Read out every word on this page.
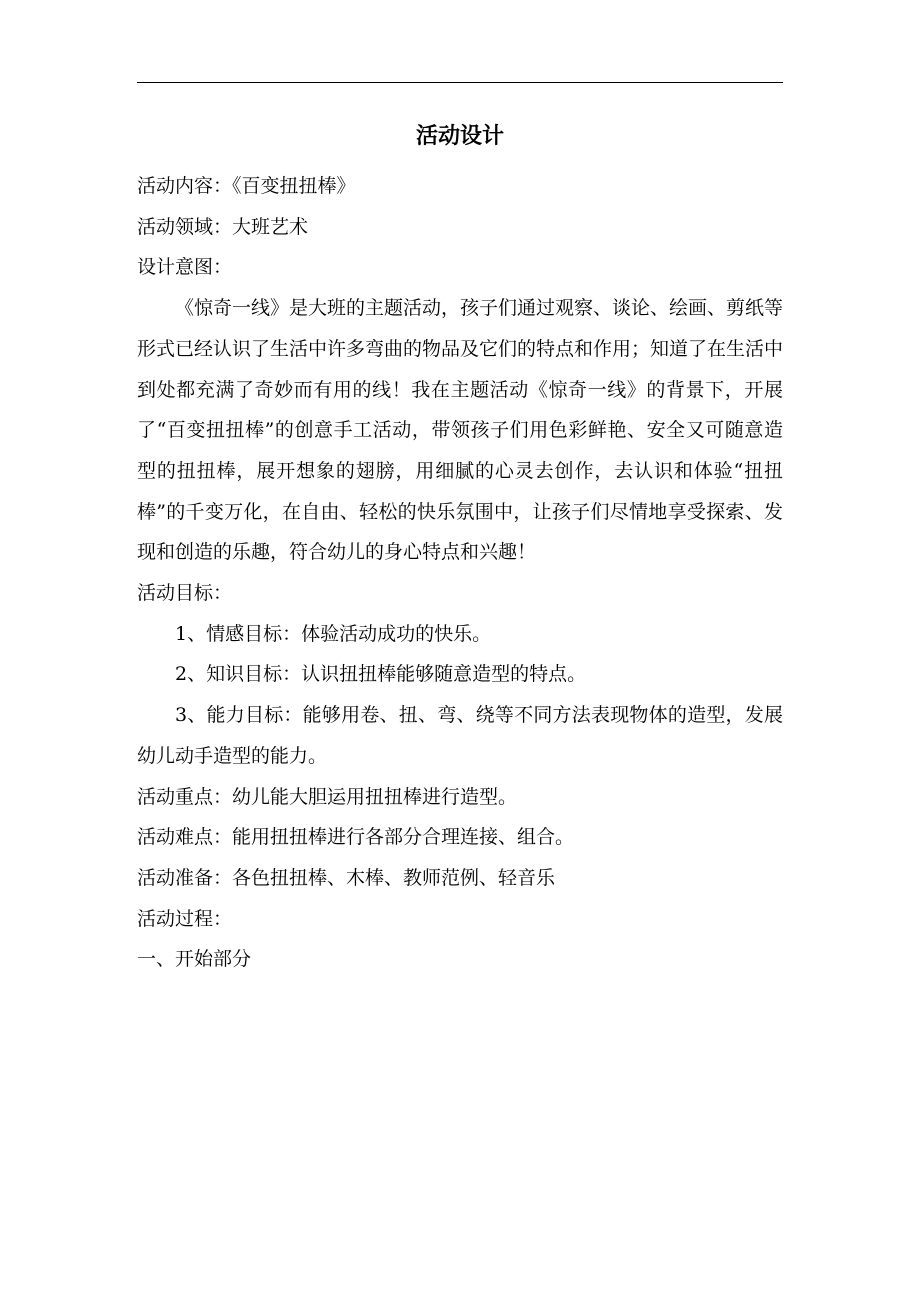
活动设计

活动内容：《百变扭扭棒》

活动领域：大班艺术

设计意图：

《惊奇一线》是大班的主题活动，孩子们通过观察、谈论、绘画、剪纸等形式已经认识了生活中许多弯曲的物品及它们的特点和作用；知道了在生活中到处都充满了奇妙而有用的线！我在主题活动《惊奇一线》的背景下，开展了“百变扭扭棒”的创意手工活动，带领孩子们用色彩鲜艳、安全又可随意造型的扭扭棒，展开想象的翅膀，用细腻的心灵去创作，去认识和体验“扭扭棒”的千变万化，在自由、轻松的快乐氛围中，让孩子们尽情地享受探索、发现和创造的乐趣，符合幼儿的身心特点和兴趣！

活动目标：

1、情感目标：体验活动成功的快乐。

2、知识目标：认识扭扭棒能够随意造型的特点。

3、能力目标：能够用卷、扭、弯、绕等不同方法表现物体的造型，发展幼儿动手造型的能力。

活动重点：幼儿能大胆运用扭扭棒进行造型。

活动难点：能用扭扭棒进行各部分合理连接、组合。

活动准备：各色扭扭棒、木棒、教师范例、轻音乐

活动过程：

一、开始部分
